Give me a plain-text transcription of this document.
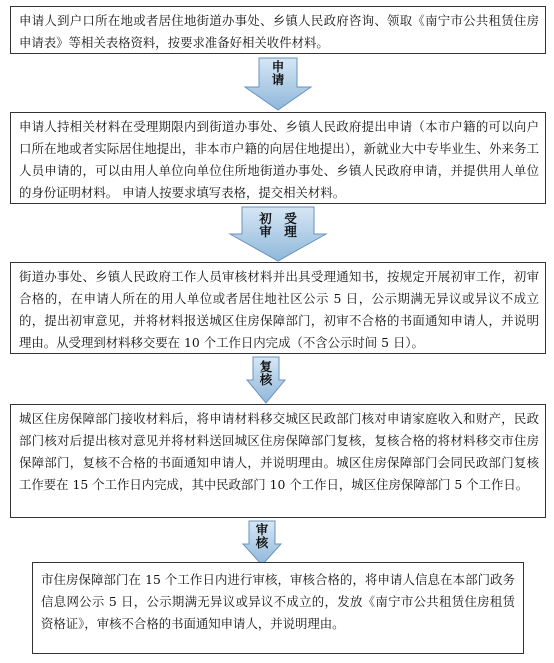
申请人到户口所在地或者居住地街道办事处、乡镇人民政府咨询、领取《南宁市公共租赁住房申请表》等相关表格资料，按要求准备好相关收件材料。
申
请
申请人持相关材料在受理期限内到街道办事处、乡镇人民政府提出申请（本市户籍的可以向户口所在地或者实际居住地提出，非本市户籍的向居住地提出），新就业大中专毕业生、外来务工人员申请的，可以由用人单位向单位住所地街道办事处、乡镇人民政府申请，并提供用人单位的身份证明材料。 申请人按要求填写表格，提交相关材料。
初　受
审　理
街道办事处、乡镇人民政府工作人员审核材料并出具受理通知书，按规定开展初审工作，初审合格的，在申请人所在的用人单位或者居住地社区公示 5 日，公示期满无异议或异议不成立的，提出初审意见，并将材料报送城区住房保障部门，初审不合格的书面通知申请人，并说明理由。从受理到材料移交要在 10 个工作日内完成（不含公示时间 5 日）。
复
核
城区住房保障部门接收材料后，将申请材料移交城区民政部门核对申请家庭收入和财产，民政部门核对后提出核对意见并将材料送回城区住房保障部门复核，复核合格的将材料移交市住房保障部门，复核不合格的书面通知申请人，并说明理由。城区住房保障部门会同民政部门复核工作要在 15 个工作日内完成，其中民政部门 10 个工作日，城区住房保障部门 5 个工作日。
审
核
市住房保障部门在 15 个工作日内进行审核，审核合格的，将申请人信息在本部门政务信息网公示 5 日，公示期满无异议或异议不成立的，发放《南宁市公共租赁住房租赁资格证》，审核不合格的书面通知申请人，并说明理由。
